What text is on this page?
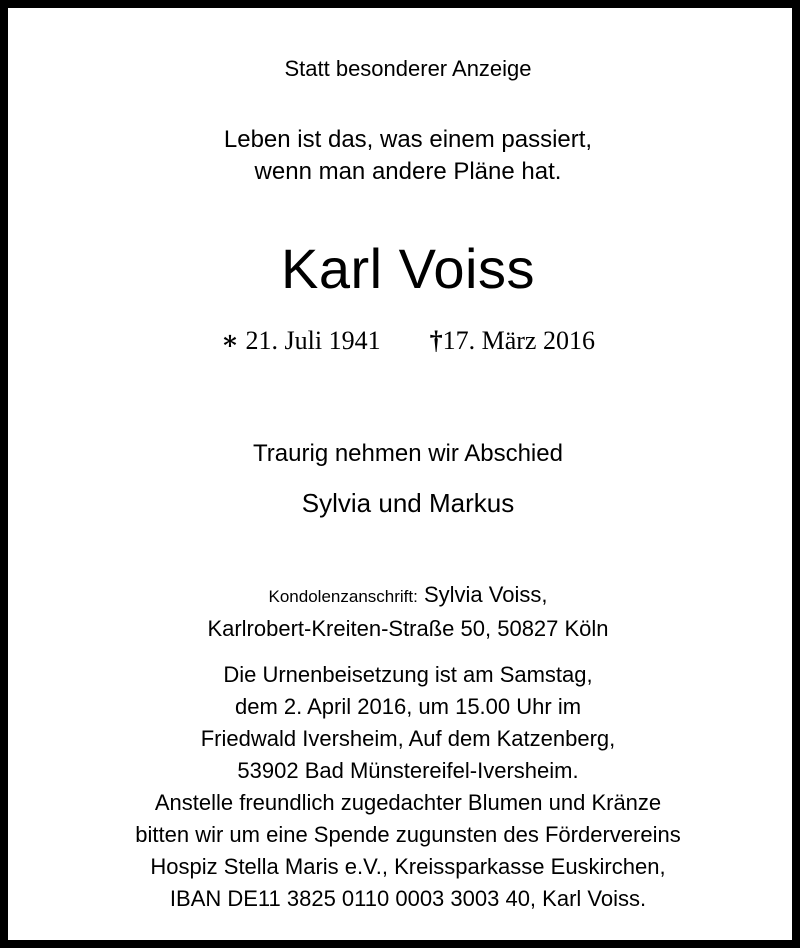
Statt besonderer Anzeige

Leben ist das, was einem passiert,

wenn man andere Pläne hat.

Karl Voiss

∗ 21. Juli 1941 †17. März 2016

Traurig nehmen wir Abschied

Sylvia und Markus

Kondolenzanschrift: Sylvia Voiss,

Karlrobert-Kreiten-Straße 50, 50827 Köln

Die Urnenbeisetzung ist am Samstag,

dem 2. April 2016, um 15.00 Uhr im

Friedwald Iversheim, Auf dem Katzenberg,

53902 Bad Münstereifel-Iversheim.

Anstelle freundlich zugedachter Blumen und Kränze

bitten wir um eine Spende zugunsten des Fördervereins

Hospiz Stella Maris e.V., Kreissparkasse Euskirchen,

IBAN DE11 3825 0110 0003 3003 40, Karl Voiss.
